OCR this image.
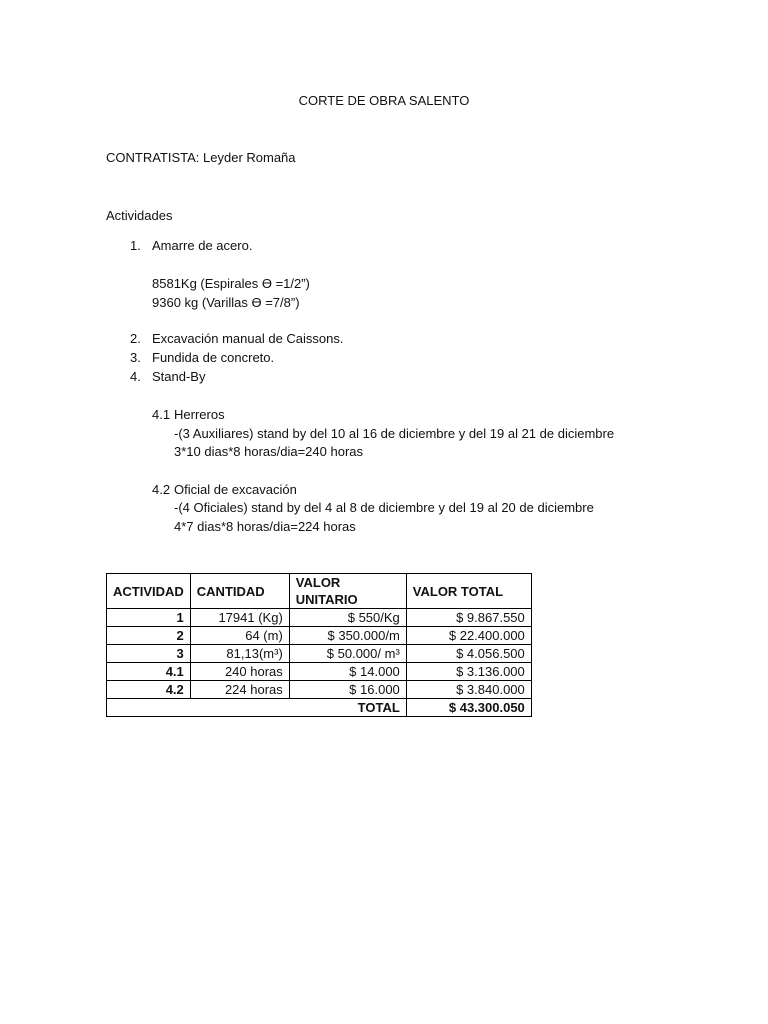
CORTE DE OBRA SALENTO
CONTRATISTA: Leyder Romaña
Actividades
1. Amarre de acero.
8581Kg (Espirales Ɵ =1/2”)
9360 kg (Varillas Ɵ =7/8”)
2. Excavación manual de Caissons.
3. Fundida de concreto.
4. Stand-By
4.1 Herreros
-(3 Auxiliares) stand by del 10 al 16 de diciembre y del 19 al 21 de diciembre
3*10 dias*8 horas/dia=240 horas
4.2 Oficial de excavación
-(4 Oficiales) stand by del 4 al 8 de diciembre y del 19 al 20 de diciembre
4*7 dias*8 horas/dia=224 horas
ACTIVIDAD	CANTIDAD	VALOR UNITARIO	VALOR TOTAL
1	17941 (Kg)	$ 550/Kg	$ 9.867.550
2	64 (m)	$ 350.000/m	$ 22.400.000
3	81,13(m³)	$ 50.000/ m³	$ 4.056.500
4.1	240 horas	$ 14.000	$ 3.136.000
4.2	224 horas	$ 16.000	$ 3.840.000
		TOTAL	$ 43.300.050
